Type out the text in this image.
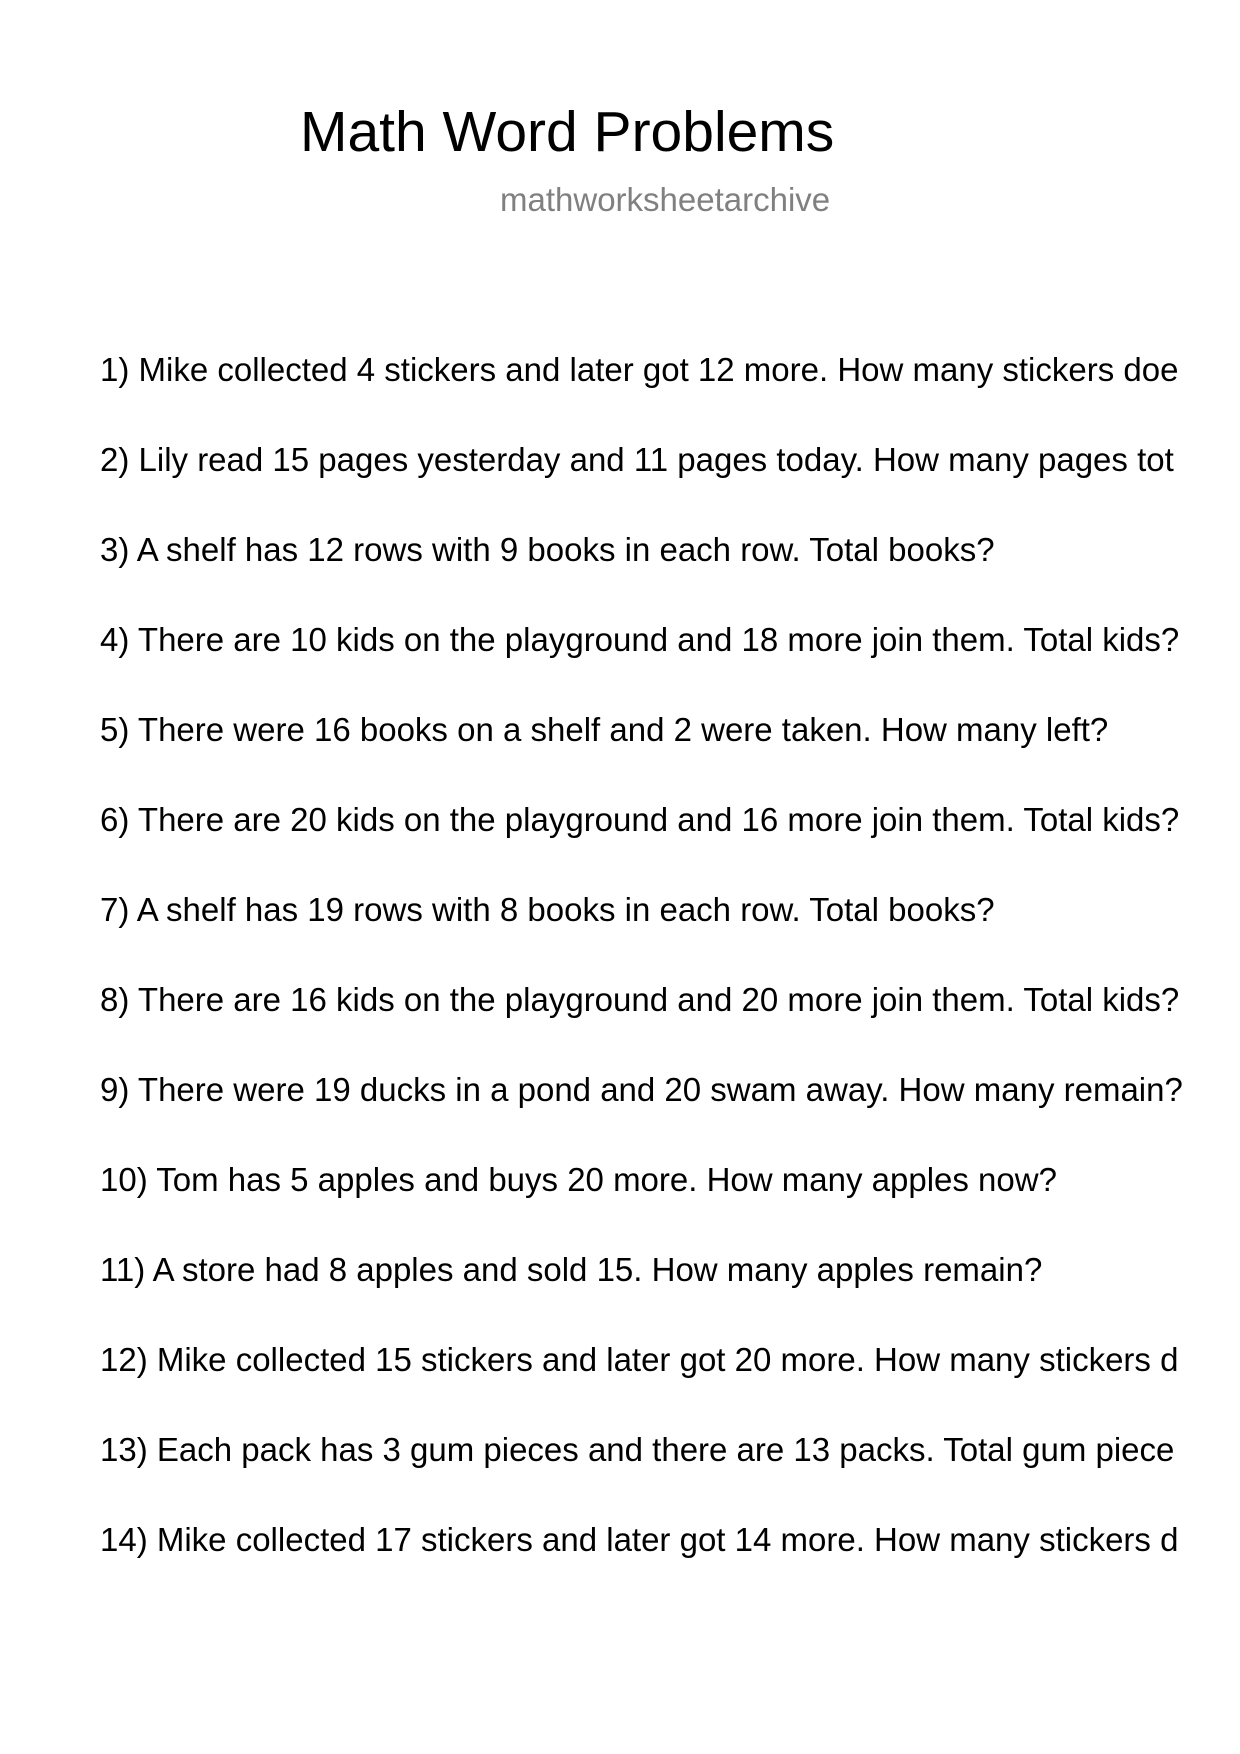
Math Word Problems
mathworksheetarchive
1) Mike collected 4 stickers and later got 12 more. How many stickers doe
2) Lily read 15 pages yesterday and 11 pages today. How many pages tot
3) A shelf has 12 rows with 9 books in each row. Total books?
4) There are 10 kids on the playground and 18 more join them. Total kids?
5) There were 16 books on a shelf and 2 were taken. How many left?
6) There are 20 kids on the playground and 16 more join them. Total kids?
7) A shelf has 19 rows with 8 books in each row. Total books?
8) There are 16 kids on the playground and 20 more join them. Total kids?
9) There were 19 ducks in a pond and 20 swam away. How many remain?
10) Tom has 5 apples and buys 20 more. How many apples now?
11) A store had 8 apples and sold 15. How many apples remain?
12) Mike collected 15 stickers and later got 20 more. How many stickers d
13) Each pack has 3 gum pieces and there are 13 packs. Total gum piece
14) Mike collected 17 stickers and later got 14 more. How many stickers d
